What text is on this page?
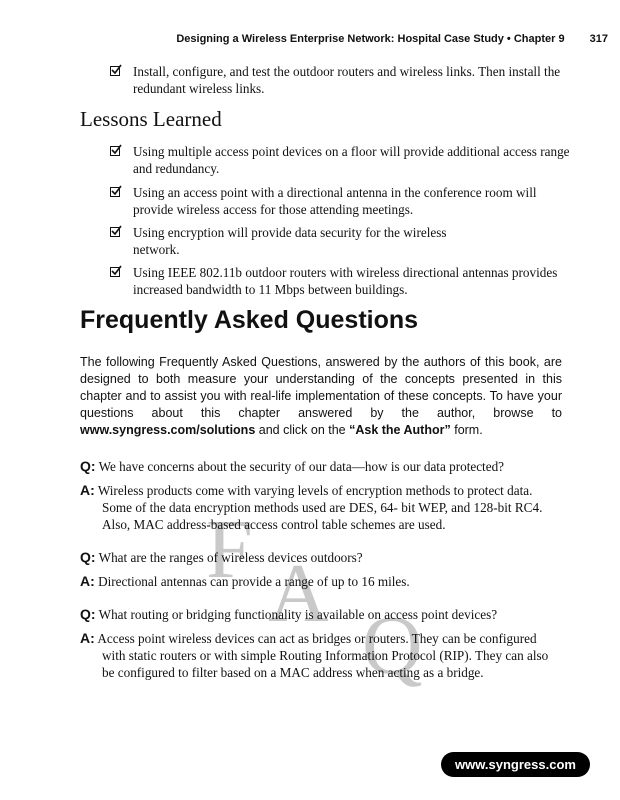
Designing a Wireless Enterprise Network: Hospital Case Study • Chapter 9 317
Install, configure, and test the outdoor routers and wireless links. Then install the redundant wireless links.
Lessons Learned
Using multiple access point devices on a floor will provide additional access range and redundancy.
Using an access point with a directional antenna in the conference room will provide wireless access for those attending meetings.
Using encryption will provide data security for the wireless network.
Using IEEE 802.11b outdoor routers with wireless directional antennas provides increased bandwidth to 11 Mbps between buildings.
Frequently Asked Questions
The following Frequently Asked Questions, answered by the authors of this book, are designed to both measure your understanding of the concepts presented in this chapter and to assist you with real-life implementation of these concepts. To have your questions about this chapter answered by the author, browse to www.syngress.com/solutions and click on the “Ask the Author” form.
F A
Q
Q: We have concerns about the security of our data—how is our data protected?
A: Wireless products come with varying levels of encryption methods to protect data. Some of the data encryption methods used are DES, 64- bit WEP, and 128-bit RC4. Also, MAC address-based access control table schemes are used.
Q: What are the ranges of wireless devices outdoors?
A: Directional antennas can provide a range of up to 16 miles.
Q: What routing or bridging functionality is available on access point devices?
A: Access point wireless devices can act as bridges or routers. They can be configured with static routers or with simple Routing Information Protocol (RIP). They can also be configured to filter based on a MAC address when acting as a bridge.
www.syngress.com
